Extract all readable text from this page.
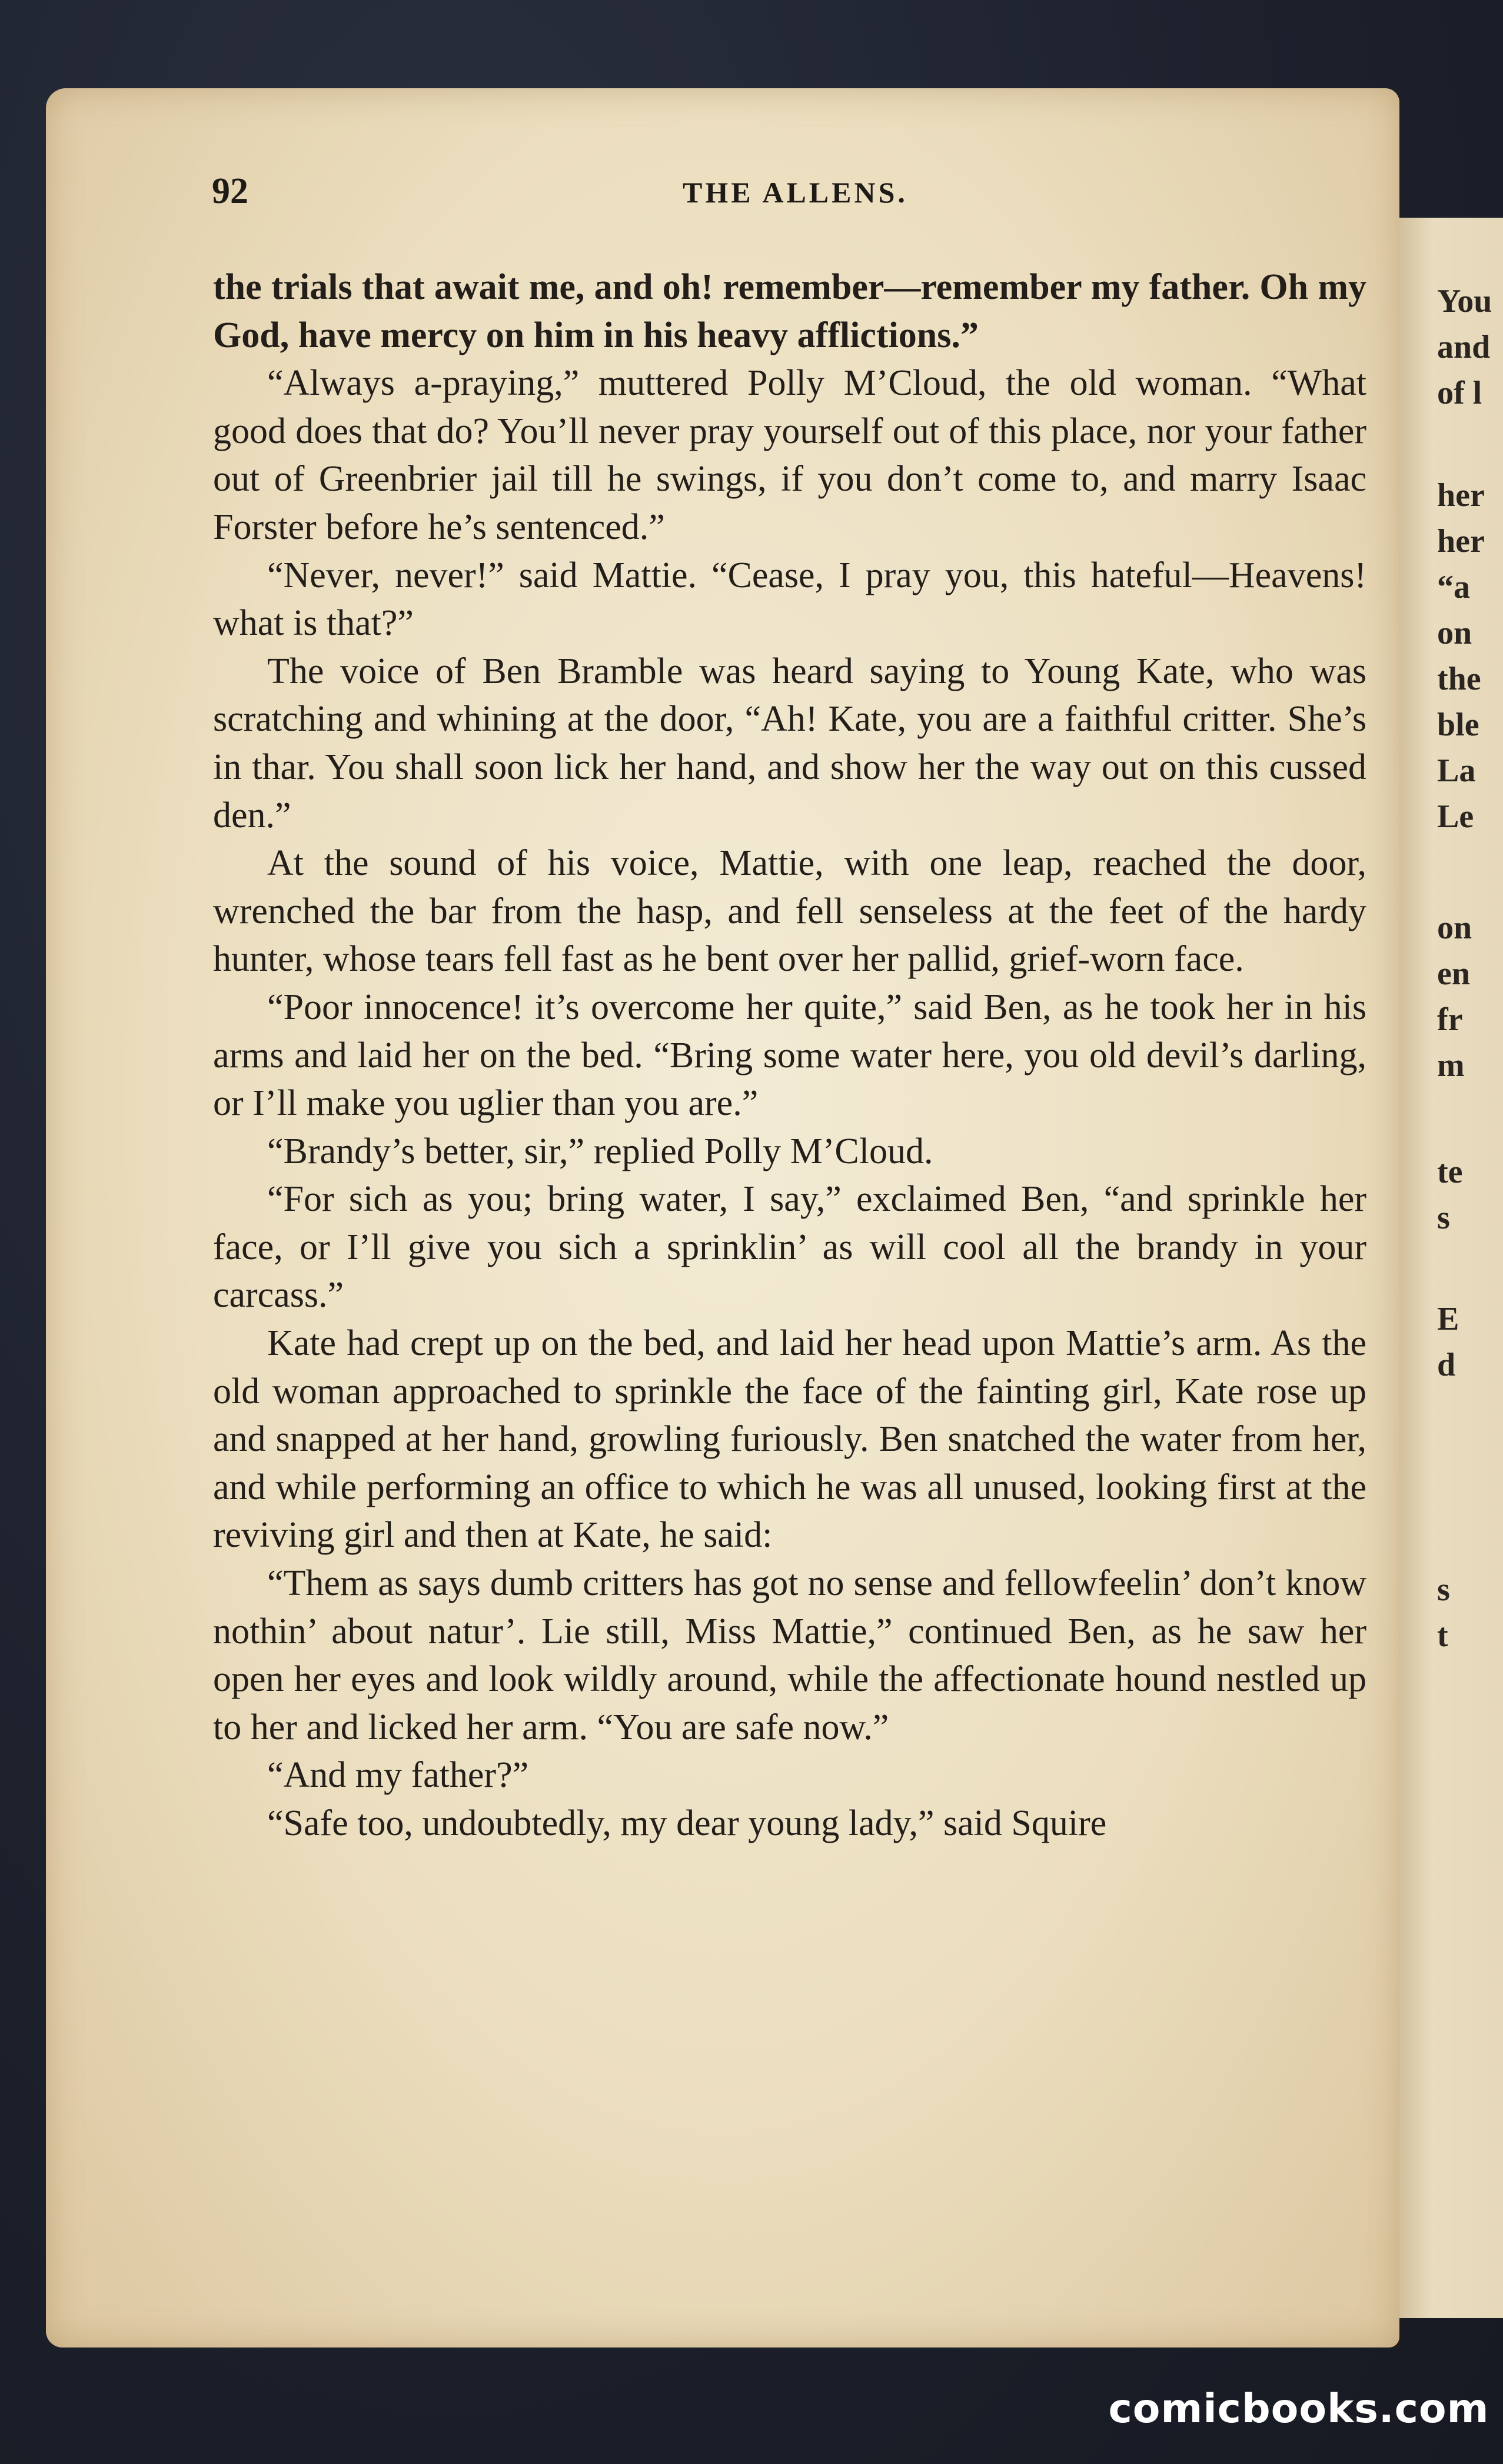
You
and
of l
her
her
“a
on
the
ble
La
Le
on
en
fr
m
te
s
E
d
s
t
92	THE ALLENS.

the trials that await me, and oh! remember—remember my father. Oh my God, have mercy on him in his heavy afflictions.”

“Always a-praying,” muttered Polly M’Cloud, the old woman. “What good does that do? You’ll never pray yourself out of this place, nor your father out of Greenbrier jail till he swings, if you don’t come to, and marry Isaac Forster before he’s sentenced.”

“Never, never!” said Mattie. “Cease, I pray you, this hateful—Heavens! what is that?”

The voice of Ben Bramble was heard saying to Young Kate, who was scratching and whining at the door, “Ah! Kate, you are a faithful critter. She’s in thar. You shall soon lick her hand, and show her the way out on this cussed den.”

At the sound of his voice, Mattie, with one leap, reached the door, wrenched the bar from the hasp, and fell senseless at the feet of the hardy hunter, whose tears fell fast as he bent over her pallid, grief-worn face.

“Poor innocence! it’s overcome her quite,” said Ben, as he took her in his arms and laid her on the bed. “Bring some water here, you old devil’s darling, or I’ll make you uglier than you are.”

“Brandy’s better, sir,” replied Polly M’Cloud.

“For sich as you; bring water, I say,” exclaimed Ben, “and sprinkle her face, or I’ll give you sich a sprinklin’ as will cool all the brandy in your carcass.”

Kate had crept up on the bed, and laid her head upon Mattie’s arm. As the old woman approached to sprinkle the face of the fainting girl, Kate rose up and snapped at her hand, growling furiously. Ben snatched the water from her, and while performing an office to which he was all unused, looking first at the reviving girl and then at Kate, he said:

“Them as says dumb critters has got no sense and fellowfeelin’ don’t know nothin’ about natur’. Lie still, Miss Mattie,” continued Ben, as he saw her open her eyes and look wildly around, while the affectionate hound nestled up to her and licked her arm. “You are safe now.”

“And my father?”

“Safe too, undoubtedly, my dear young lady,” said Squire

comicbooks.com
